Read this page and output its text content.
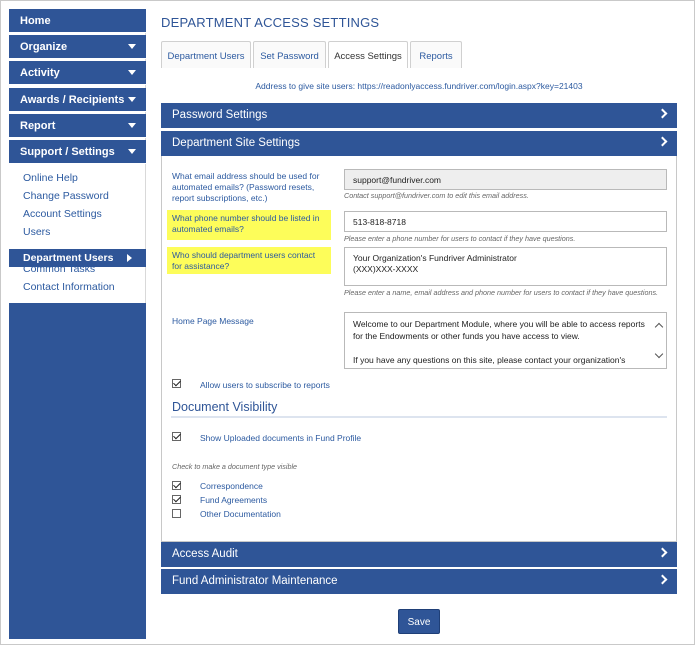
Home
Organize
Activity
Awards / Recipients
Report
Support / Settings
Online Help
Change Password
Account Settings
Users
Department Users
Common Tasks
Contact Information
DEPARTMENT ACCESS SETTINGS
Department Users	Set Password	Access Settings	Reports
Address to give site users: https://readonlyaccess.fundriver.com/login.aspx?key=21403
Password Settings
Department Site Settings
What email address should be used for automated emails? (Password resets, report subscriptions, etc.)
support@fundriver.com
Contact support@fundriver.com to edit this email address.
What phone number should be listed in automated emails?
513-818-8718
Please enter a phone number for users to contact if they have questions.
Who should department users contact for assistance?
Your Organization's Fundriver Administrator
(XXX)XXX-XXXX
Please enter a name, email address and phone number for users to contact if they have questions.
Home Page Message	Welcome to our Department Module, where you will be able to access reports for the Endowments or other funds you have access to view.
If you have any questions on this site, please contact your organization's
Allow users to subscribe to reports
Document Visibility
Show Uploaded documents in Fund Profile
Check to make a document type visible
Correspondence
Fund Agreements
Other Documentation
Access Audit
Fund Administrator Maintenance
Save
